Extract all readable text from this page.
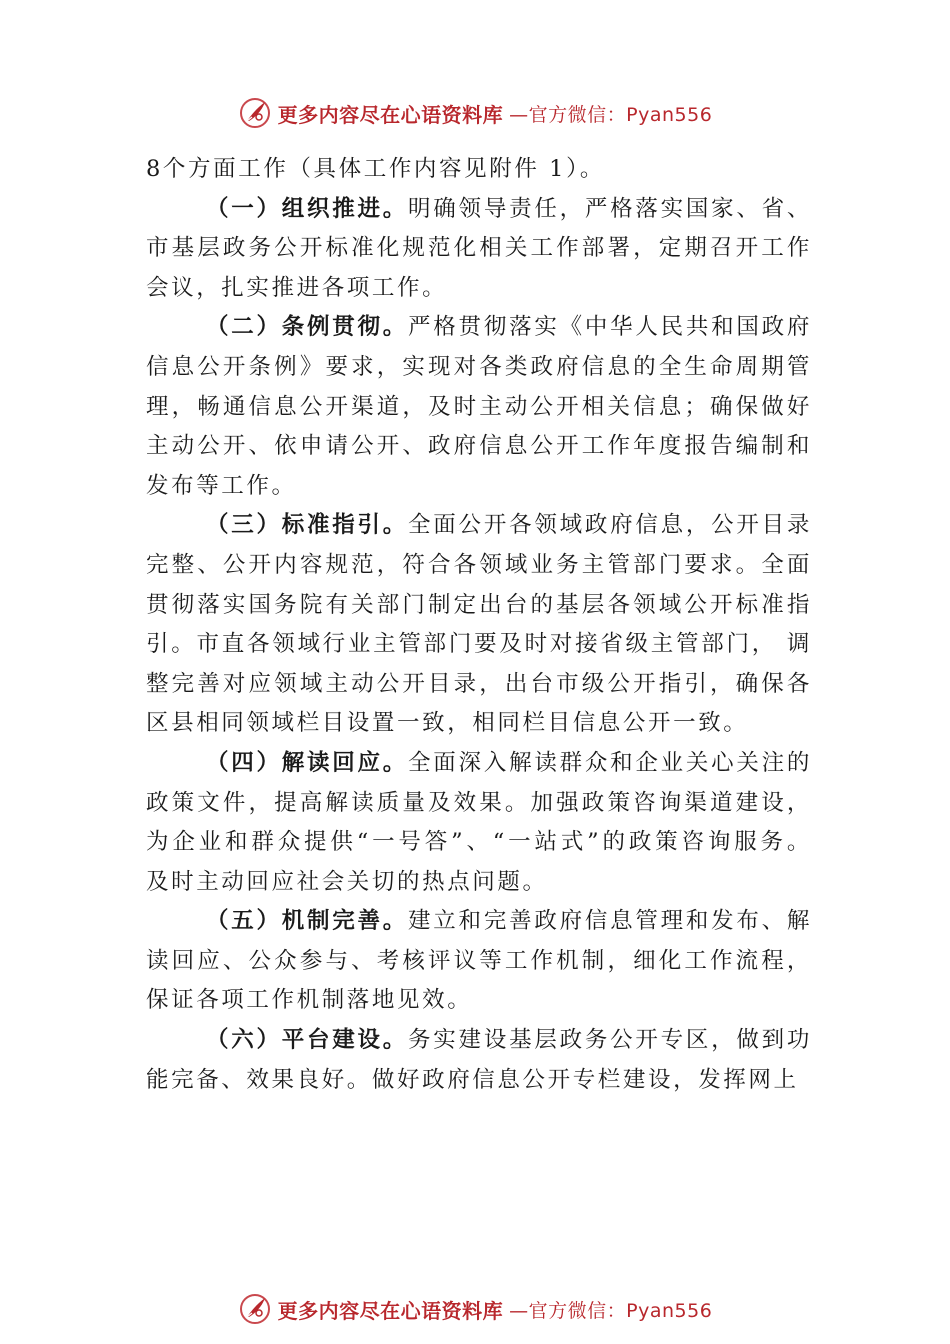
更多内容尽在心语资料库 —官方微信：Pyan556

8个方面工作（具体工作内容见附件 1）。

（一）组织推进。明确领导责任，严格落实国家、省、市基层政务公开标准化规范化相关工作部署，定期召开工作会议，扎实推进各项工作。

（二）条例贯彻。严格贯彻落实《中华人民共和国政府信息公开条例》要求，实现对各类政府信息的全生命周期管理，畅通信息公开渠道，及时主动公开相关信息；确保做好主动公开、依申请公开、政府信息公开工作年度报告编制和发布等工作。

（三）标准指引。全面公开各领域政府信息，公开目录完整、公开内容规范，符合各领域业务主管部门要求。全面贯彻落实国务院有关部门制定出台的基层各领域公开标准指引。市直各领域行业主管部门要及时对接省级主管部门， 调整完善对应领域主动公开目录，出台市级公开指引，确保各区县相同领域栏目设置一致，相同栏目信息公开一致。

（四）解读回应。全面深入解读群众和企业关心关注的政策文件，提高解读质量及效果。加强政策咨询渠道建设， 为企业和群众提供“一号答”、“一站式”的政策咨询服务。 及时主动回应社会关切的热点问题。

（五）机制完善。建立和完善政府信息管理和发布、解读回应、公众参与、考核评议等工作机制，细化工作流程， 保证各项工作机制落地见效。

（六）平台建设。务实建设基层政务公开专区，做到功能完备、效果良好。做好政府信息公开专栏建设，发挥网上

更多内容尽在心语资料库 —官方微信：Pyan556
